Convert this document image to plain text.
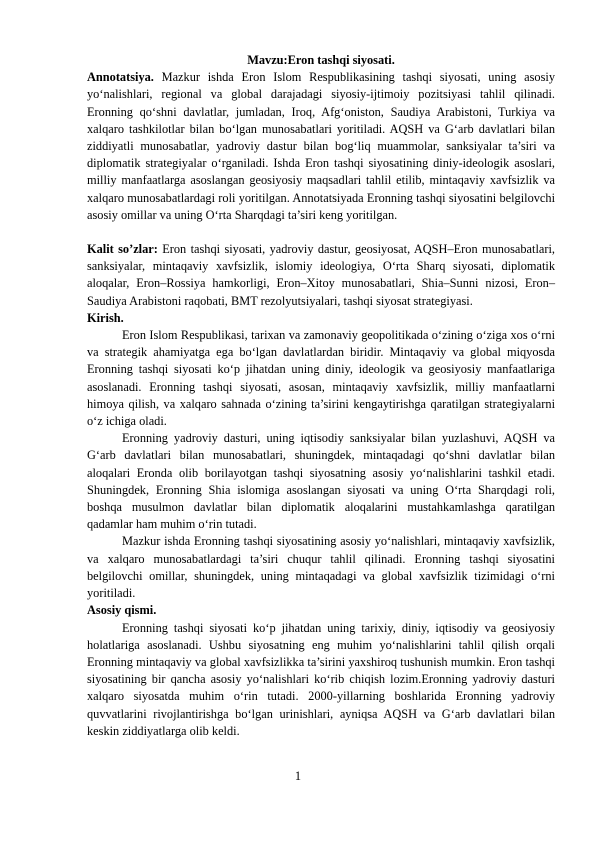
Mavzu:Eron tashqi siyosati.

Annotatsiya. Mazkur ishda Eron Islom Respublikasining tashqi siyosati, uning asosiy yo‘nalishlari, regional va global darajadagi siyosiy-ijtimoiy pozitsiyasi tahlil qilinadi. Eronning qo‘shni davlatlar, jumladan, Iroq, Afg‘oniston, Saudiya Arabistoni, Turkiya va xalqaro tashkilotlar bilan bo‘lgan munosabatlari yoritiladi. AQSH va G‘arb davlatlari bilan ziddiyatli munosabatlar, yadroviy dastur bilan bog‘liq muammolar, sanksiyalar ta’siri va diplomatik strategiyalar o‘rganiladi. Ishda Eron tashqi siyosatining diniy-ideologik asoslari, milliy manfaatlarga asoslangan geosiyosiy maqsadlari tahlil etilib, mintaqaviy xavfsizlik va xalqaro munosabatlardagi roli yoritilgan. Annotatsiyada Eronning tashqi siyosatini belgilovchi asosiy omillar va uning O‘rta Sharqdagi ta’siri keng yoritilgan.

Kalit so’zlar: Eron tashqi siyosati, yadroviy dastur, geosiyosat, AQSH–Eron munosabatlari, sanksiyalar, mintaqaviy xavfsizlik, islomiy ideologiya, O‘rta Sharq siyosati, diplomatik aloqalar, Eron–Rossiya hamkorligi, Eron–Xitoy munosabatlari, Shia–Sunni nizosi, Eron–Saudiya Arabistoni raqobati, BMT rezolyutsiyalari, tashqi siyosat strategiyasi.

Kirish.

Eron Islom Respublikasi, tarixan va zamonaviy geopolitikada o‘zining o‘ziga xos o‘rni va strategik ahamiyatga ega bo‘lgan davlatlardan biridir. Mintaqaviy va global miqyosda Eronning tashqi siyosati ko‘p jihatdan uning diniy, ideologik va geosiyosiy manfaatlariga asoslanadi. Eronning tashqi siyosati, asosan, mintaqaviy xavfsizlik, milliy manfaatlarni himoya qilish, va xalqaro sahnada o‘zining ta’sirini kengaytirishga qaratilgan strategiyalarni o‘z ichiga oladi.

Eronning yadroviy dasturi, uning iqtisodiy sanksiyalar bilan yuzlashuvi, AQSH va G‘arb davlatlari bilan munosabatlari, shuningdek, mintaqadagi qo‘shni davlatlar bilan aloqalari Eronda olib borilayotgan tashqi siyosatning asosiy yo‘nalishlarini tashkil etadi. Shuningdek, Eronning Shia islomiga asoslangan siyosati va uning O‘rta Sharqdagi roli, boshqa musulmon davlatlar bilan diplomatik aloqalarini mustahkamlashga qaratilgan qadamlar ham muhim o‘rin tutadi.

Mazkur ishda Eronning tashqi siyosatining asosiy yo‘nalishlari, mintaqaviy xavfsizlik, va xalqaro munosabatlardagi ta’siri chuqur tahlil qilinadi. Eronning tashqi siyosatini belgilovchi omillar, shuningdek, uning mintaqadagi va global xavfsizlik tizimidagi o‘rni yoritiladi.

Asosiy qismi.

Eronning tashqi siyosati ko‘p jihatdan uning tarixiy, diniy, iqtisodiy va geosiyosiy holatlariga asoslanadi. Ushbu siyosatning eng muhim yo‘nalishlarini tahlil qilish orqali Eronning mintaqaviy va global xavfsizlikka ta’sirini yaxshiroq tushunish mumkin. Eron tashqi siyosatining bir qancha asosiy yo‘nalishlari ko‘rib chiqish lozim.Eronning yadroviy dasturi xalqaro siyosatda muhim o‘rin tutadi. 2000-yillarning boshlarida Eronning yadroviy quvvatlarini rivojlantirishga bo‘lgan urinishlari, ayniqsa AQSH va G‘arb davlatlari bilan keskin ziddiyatlarga olib keldi.

1
